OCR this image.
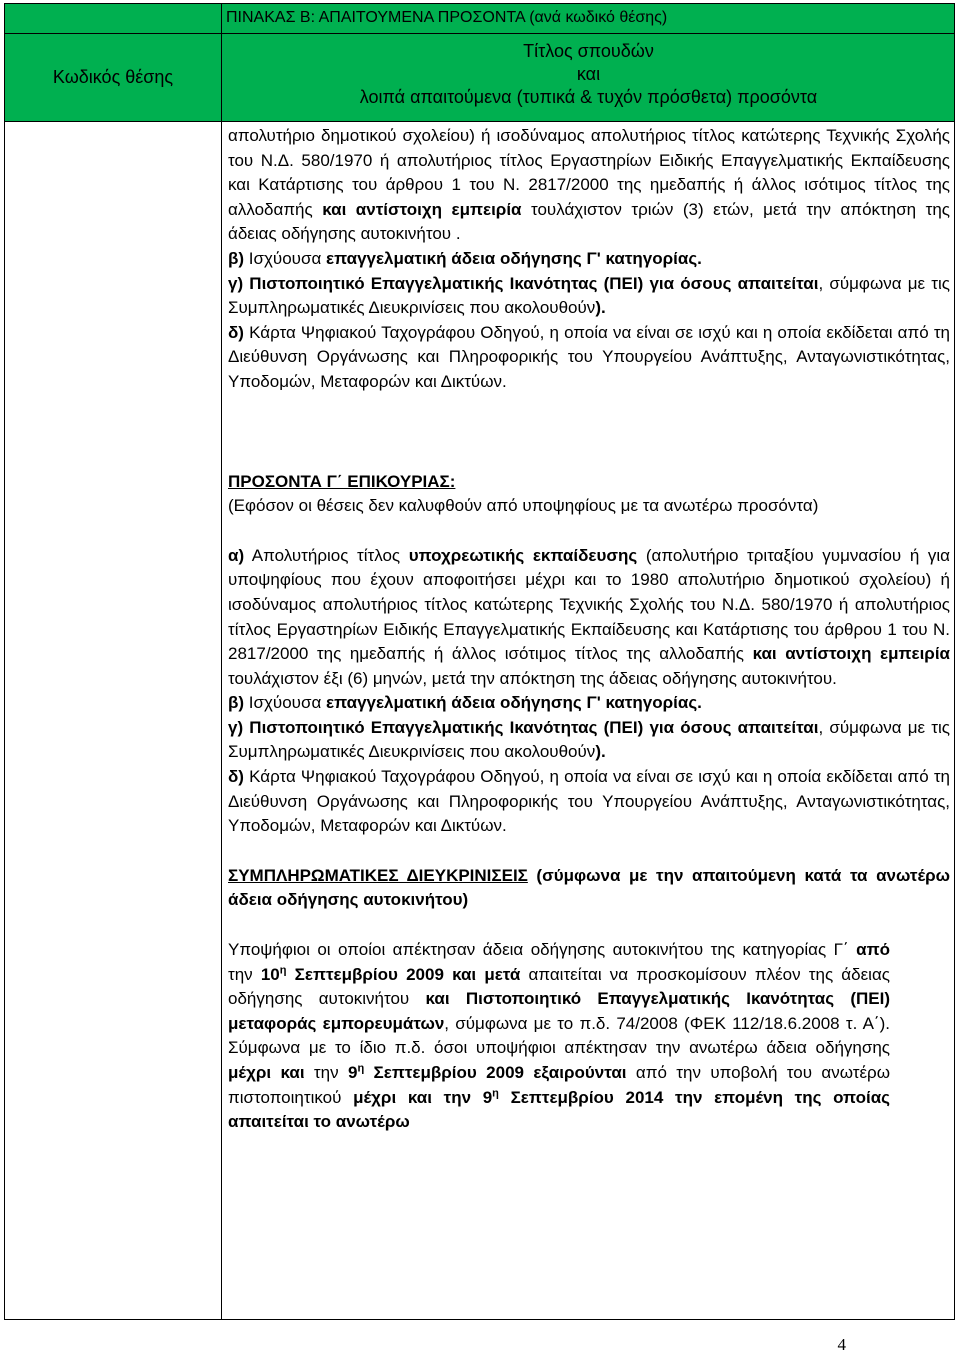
ΠΙΝΑΚΑΣ Β: ΑΠΑΙΤΟΥΜΕΝΑ ΠΡΟΣΟΝΤΑ (ανά κωδικό θέσης)
Κωδικός θέσης
Τίτλος σπουδών
και
λοιπά απαιτούμενα (τυπικά & τυχόν πρόσθετα) προσόντα

απολυτήριο δημοτικού σχολείου) ή ισοδύναμος απολυτήριος τίτλος κατώτερης Τεχνικής Σχολής του Ν.Δ. 580/1970 ή απολυτήριος τίτλος Εργαστηρίων Ειδικής Επαγγελματικής Εκπαίδευσης και Κατάρτισης του άρθρου 1 του Ν. 2817/2000 της ημεδαπής ή άλλος ισότιμος τίτλος της αλλοδαπής και αντίστοιχη εμπειρία τουλάχιστον τριών (3) ετών, μετά την απόκτηση της άδειας οδήγησης αυτοκινήτου .

β) Ισχύουσα επαγγελματική άδεια οδήγησης Γ' κατηγορίας.

γ) Πιστοποιητικό Επαγγελματικής Ικανότητας (ΠΕΙ) για όσους απαιτείται, σύμφωνα με τις Συμπληρωματικές Διευκρινίσεις που ακολουθούν).

δ) Κάρτα Ψηφιακού Ταχογράφου Οδηγού, η οποία να είναι σε ισχύ και η οποία εκδίδεται από τη Διεύθυνση Οργάνωσης και Πληροφορικής του Υπουργείου Ανάπτυξης, Ανταγωνιστικότητας, Υποδομών, Μεταφορών και Δικτύων.

ΠΡΟΣΟΝΤΑ Γ΄ ΕΠΙΚΟΥΡΙΑΣ:

(Εφόσον οι θέσεις δεν καλυφθούν από υποψηφίους με τα ανωτέρω προσόντα)

α) Απολυτήριος τίτλος υποχρεωτικής εκπαίδευσης (απολυτήριο τριταξίου γυμνασίου ή για υποψηφίους που έχουν αποφοιτήσει μέχρι και το 1980 απολυτήριο δημοτικού σχολείου) ή ισοδύναμος απολυτήριος τίτλος κατώτερης Τεχνικής Σχολής του Ν.Δ. 580/1970 ή απολυτήριος τίτλος Εργαστηρίων Ειδικής Επαγγελματικής Εκπαίδευσης και Κατάρτισης του άρθρου 1 του Ν. 2817/2000 της ημεδαπής ή άλλος ισότιμος τίτλος της αλλοδαπής και αντίστοιχη εμπειρία τουλάχιστον έξι (6) μηνών, μετά την απόκτηση της άδειας οδήγησης αυτοκινήτου.

β) Ισχύουσα επαγγελματική άδεια οδήγησης Γ' κατηγορίας.

γ) Πιστοποιητικό Επαγγελματικής Ικανότητας (ΠΕΙ) για όσους απαιτείται, σύμφωνα με τις Συμπληρωματικές Διευκρινίσεις που ακολουθούν).

δ) Κάρτα Ψηφιακού Ταχογράφου Οδηγού, η οποία να είναι σε ισχύ και η οποία εκδίδεται από τη Διεύθυνση Οργάνωσης και Πληροφορικής του Υπουργείου Ανάπτυξης, Ανταγωνιστικότητας, Υποδομών, Μεταφορών και Δικτύων.

ΣΥΜΠΛΗΡΩΜΑΤΙΚΕΣ ΔΙΕΥΚΡΙΝΙΣΕΙΣ (σύμφωνα με την απαιτούμενη κατά τα ανωτέρω άδεια οδήγησης αυτοκινήτου)

Υποψήφιοι οι οποίοι απέκτησαν άδεια οδήγησης αυτοκινήτου της κατηγορίας Γ΄ από την $10^\eta$ Σεπτεμβρίου 2009 και μετά απαιτείται να προσκομίσουν πλέον της άδειας οδήγησης αυτοκινήτου και Πιστοποιητικό Επαγγελματικής Ικανότητας (ΠΕΙ) μεταφοράς εμπορευμάτων, σύμφωνα με το π.δ. 74/2008 (ΦΕΚ 112/18.6.2008 τ. Α΄). Σύμφωνα με το ίδιο π.δ. όσοι υποψήφιοι απέκτησαν την ανωτέρω άδεια οδήγησης μέχρι και την $9^\eta$ Σεπτεμβρίου 2009 εξαιρούνται από την υποβολή του ανωτέρω πιστοποιητικού μέχρι και την $9^\eta$ Σεπτεμβρίου 2014 την επομένη της οποίας απαιτείται το ανωτέρω

4
